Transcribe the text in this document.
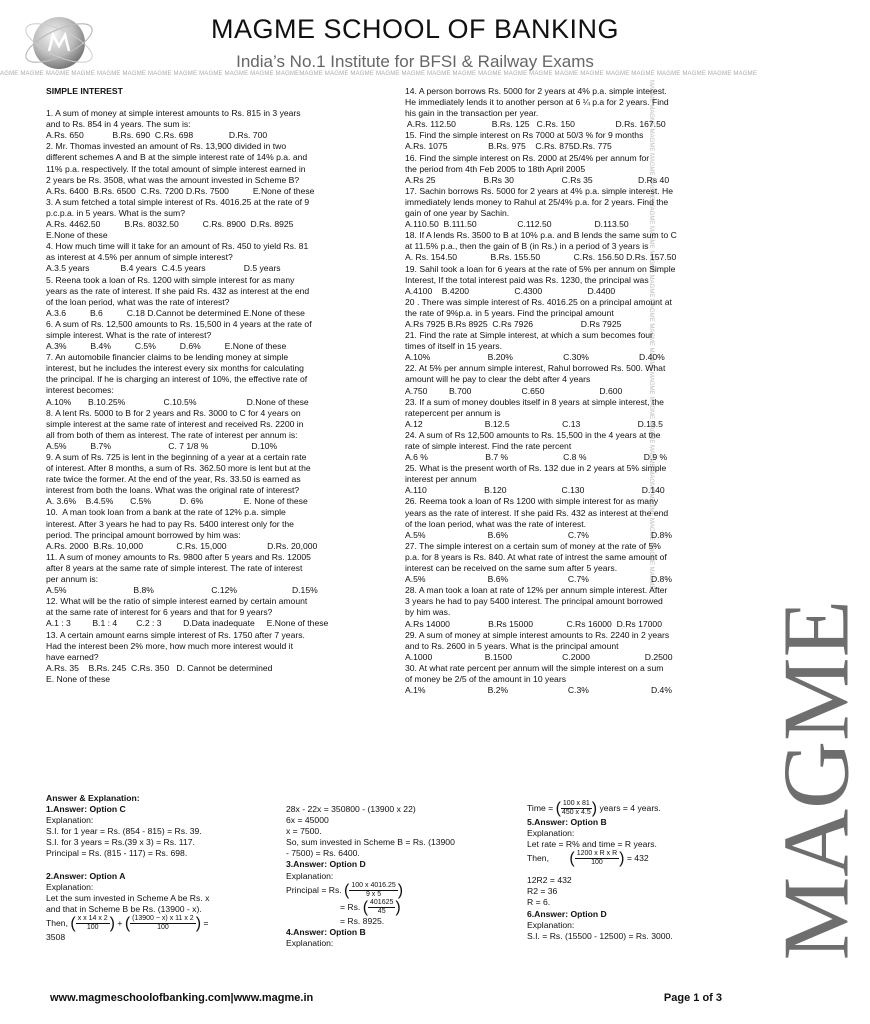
MAGME SCHOOL OF BANKING
India’s No.1 Institute for BFSI & Railway Exams
AGME MAGME MAGME MAGME MAGME MAGME MAGME MAGME MAGME MAGME MAGME MAGMEMAGME MAGME MAGME MAGME MAGME MAGME MAGME MAGME MAGME MAGME MAGME MAGME MAGME MAGME MAGME MAGME MAGME MAGME
MAGME MAGME MAGME MAGME MAGME MAGME MAGME MAGME MAGME MAGME MAGME MAGME MAGME MAGME MAGME MAGME MAGME MAGME MAGME MAGME MAGME
MAGME
SIMPLE INTEREST
1. A sum of money at simple interest amounts to Rs. 815 in 3 years
and to Rs. 854 in 4 years. The sum is:
A.Rs. 650            B.Rs. 690  C.Rs. 698               D.Rs. 700
2. Mr. Thomas invested an amount of Rs. 13,900 divided in two
different schemes A and B at the simple interest rate of 14% p.a. and
11% p.a. respectively. If the total amount of simple interest earned in
2 years be Rs. 3508, what was the amount invested in Scheme B?
A.Rs. 6400  B.Rs. 6500  C.Rs. 7200 D.Rs. 7500          E.None of these
3. A sum fetched a total simple interest of Rs. 4016.25 at the rate of 9
p.c.p.a. in 5 years. What is the sum?
A.Rs. 4462.50          B.Rs. 8032.50          C.Rs. 8900  D.Rs. 8925
E.None of these
4. How much time will it take for an amount of Rs. 450 to yield Rs. 81
as interest at 4.5% per annum of simple interest?
A.3.5 years             B.4 years  C.4.5 years                D.5 years
5. Reena took a loan of Rs. 1200 with simple interest for as many
years as the rate of interest. If she paid Rs. 432 as interest at the end
of the loan period, what was the rate of interest?
A.3.6          B.6          C.18 D.Cannot be determined E.None of these
6. A sum of Rs. 12,500 amounts to Rs. 15,500 in 4 years at the rate of
simple interest. What is the rate of interest?
A.3%          B.4%          C.5%          D.6%          E.None of these
7. An automobile financier claims to be lending money at simple
interest, but he includes the interest every six months for calculating
the principal. If he is charging an interest of 10%, the effective rate of
interest becomes:
A.10%       B.10.25%                C.10.5%                     D.None of these
8. A lent Rs. 5000 to B for 2 years and Rs. 3000 to C for 4 years on
simple interest at the same rate of interest and received Rs. 2200 in
all from both of them as interest. The rate of interest per annum is:
A.5%          B.7%                        C. 7 1/8 %                  D.10%
9. A sum of Rs. 725 is lent in the beginning of a year at a certain rate
of interest. After 8 months, a sum of Rs. 362.50 more is lent but at the
rate twice the former. At the end of the year, Rs. 33.50 is earned as
interest from both the loans. What was the original rate of interest?
A. 3.6%    B.4.5%       C.5%            D. 6%                 E. None of these
10.  A man took loan from a bank at the rate of 12% p.a. simple
interest. After 3 years he had to pay Rs. 5400 interest only for the
period. The principal amount borrowed by him was:
A.Rs. 2000  B.Rs. 10,000              C.Rs. 15,000                 D.Rs. 20,000
11. A sum of money amounts to Rs. 9800 after 5 years and Rs. 12005
after 8 years at the same rate of simple interest. The rate of interest
per annum is:
A.5%                            B.8%                        C.12%                       D.15%
12. What will be the ratio of simple interest earned by certain amount
at the same rate of interest for 6 years and that for 9 years?
A.1 : 3         B.1 : 4        C.2 : 3         D.Data inadequate     E.None of these
13. A certain amount earns simple interest of Rs. 1750 after 7 years.
Had the interest been 2% more, how much more interest would it
have earned?
A.Rs. 35    B.Rs. 245  C.Rs. 350   D. Cannot be determined
E. None of these
14. A person borrows Rs. 5000 for 2 years at 4% p.a. simple interest.
He immediately lends it to another person at 6 ¼ p.a for 2 years. Find
his gain in the transaction per year.
A.Rs. 112.50               B.Rs. 125   C.Rs. 150                 D.Rs. 167.50
15. Find the simple interest on Rs 7000 at 50/3 % for 9 months
A.Rs. 1075                 B.Rs. 975    C.Rs. 875D.Rs. 775
16. Find the simple interest on Rs. 2000 at 25/4% per annum for
the period from 4th Feb 2005 to 18th April 2005
A.Rs 25                    B.Rs 30                    C.Rs 35                   D.Rs 40
17. Sachin borrows Rs. 5000 for 2 years at 4% p.a. simple interest. He
immediately lends money to Rahul at 25/4% p.a. for 2 years. Find the
gain of one year by Sachin.
A.110.50  B.111.50                 C.112.50                  D.113.50
18. If A lends Rs. 3500 to B at 10% p.a. and B lends the same sum to C
at 11.5% p.a., then the gain of B (in Rs.) in a period of 3 years is
A. Rs. 154.50              B.Rs. 155.50              C.Rs. 156.50 D.Rs. 157.50
19. Sahil took a loan for 6 years at the rate of 5% per annum on Simple
Interest, If the total interest paid was Rs. 1230, the principal was
A.4100    B.4200                   C.4300                   D.4400
20 . There was simple interest of Rs. 4016.25 on a principal amount at
the rate of 9%p.a. in 5 years. Find the principal amount
A.Rs 7925 B.Rs 8925  C.Rs 7926                    D.Rs 7925
21. Find the rate at Simple interest, at which a sum becomes four
times of itself in 15 years.
A.10%                        B.20%                     C.30%                     D.40%
22. At 5% per annum simple interest, Rahul borrowed Rs. 500. What
amount will he pay to clear the debt after 4 years
A.750         B.700                     C.650                       D.600
23. If a sum of money doubles itself in 8 years at simple interest, the
ratepercent per annum is
A.12                          B.12.5                      C.13                        D.13.5
24. A sum of Rs 12,500 amounts to Rs. 15,500 in the 4 years at the
rate of simple interest. Find the rate percent
A.6 %                        B.7 %                       C.8 %                        D.9 %
25. What is the present worth of Rs. 132 due in 2 years at 5% simple
interest per annum
A.110                        B.120                       C.130                        D.140
26. Reema took a loan of Rs 1200 with simple interest for as many
years as the rate of interest. If she paid Rs. 432 as interest at the end
of the loan period, what was the rate of interest.
A.5%                          B.6%                         C.7%                          D.8%
27. The simple interest on a certain sum of money at the rate of 5%
p.a. for 8 years is Rs. 840. At what rate of intrest the same amount of
interest can be received on the same sum after 5 years.
A.5%                          B.6%                         C.7%                          D.8%
28. A man took a loan at rate of 12% per annum simple interest. After
3 years he had to pay 5400 interest. The principal amount borrowed
by him was.
A.Rs 14000                B.Rs 15000              C.Rs 16000  D.Rs 17000
29. A sum of money at simple interest amounts to Rs. 2240 in 2 years
and to Rs. 2600 in 5 years. What is the principal amount
A.1000                      B.1500                     C.2000                       D.2500
30. At what rate percent per annum will the simple interest on a sum
of money be 2/5 of the amount in 10 years
A.1%                          B.2%                         C.3%                          D.4%
Answer & Explanation:
1.Answer: Option C
Explanation:
S.I. for 1 year = Rs. (854 - 815) = Rs. 39.
S.I. for 3 years = Rs.(39 x 3) = Rs. 117.
Principal = Rs. (815 - 117) = Rs. 698.
2.Answer: Option A
Explanation:
Let the sum invested in Scheme A be Rs. x
and that in Scheme B be Rs. (13900 - x).
Then, ( $\frac{\text{x x 14 x 2}}{100}$ ) + ( $\frac{(13900 - x) x 11 x 2}{100}$ ) =
3508
28x - 22x = 350800 - (13900 x 22)
6x = 45000
x = 7500.
So, sum invested in Scheme B = Rs. (13900
- 7500) = Rs. 6400.
3.Answer: Option D
Explanation:
Principal = Rs. ( $\frac{100 x 4016.25}{9 x 5}$ )
= Rs. ( $\frac{401625}{45}$ )
= Rs. 8925.
4.Answer: Option B
Explanation:
Time = ( $\frac{100 x 81}{450 x 4.5}$ ) years = 4 years.
5.Answer: Option B
Explanation:
Let rate = R% and time = R years.
Then, ( $\frac{\text{1200 x R x R}}{100}$ ) = 432
12R2 = 432
R2 = 36
R = 6.
6.Answer: Option D
Explanation:
S.I. = Rs. (15500 - 12500) = Rs. 3000.
www.magmeschoolofbanking.com|www.magme.in	Page 1 of 3
